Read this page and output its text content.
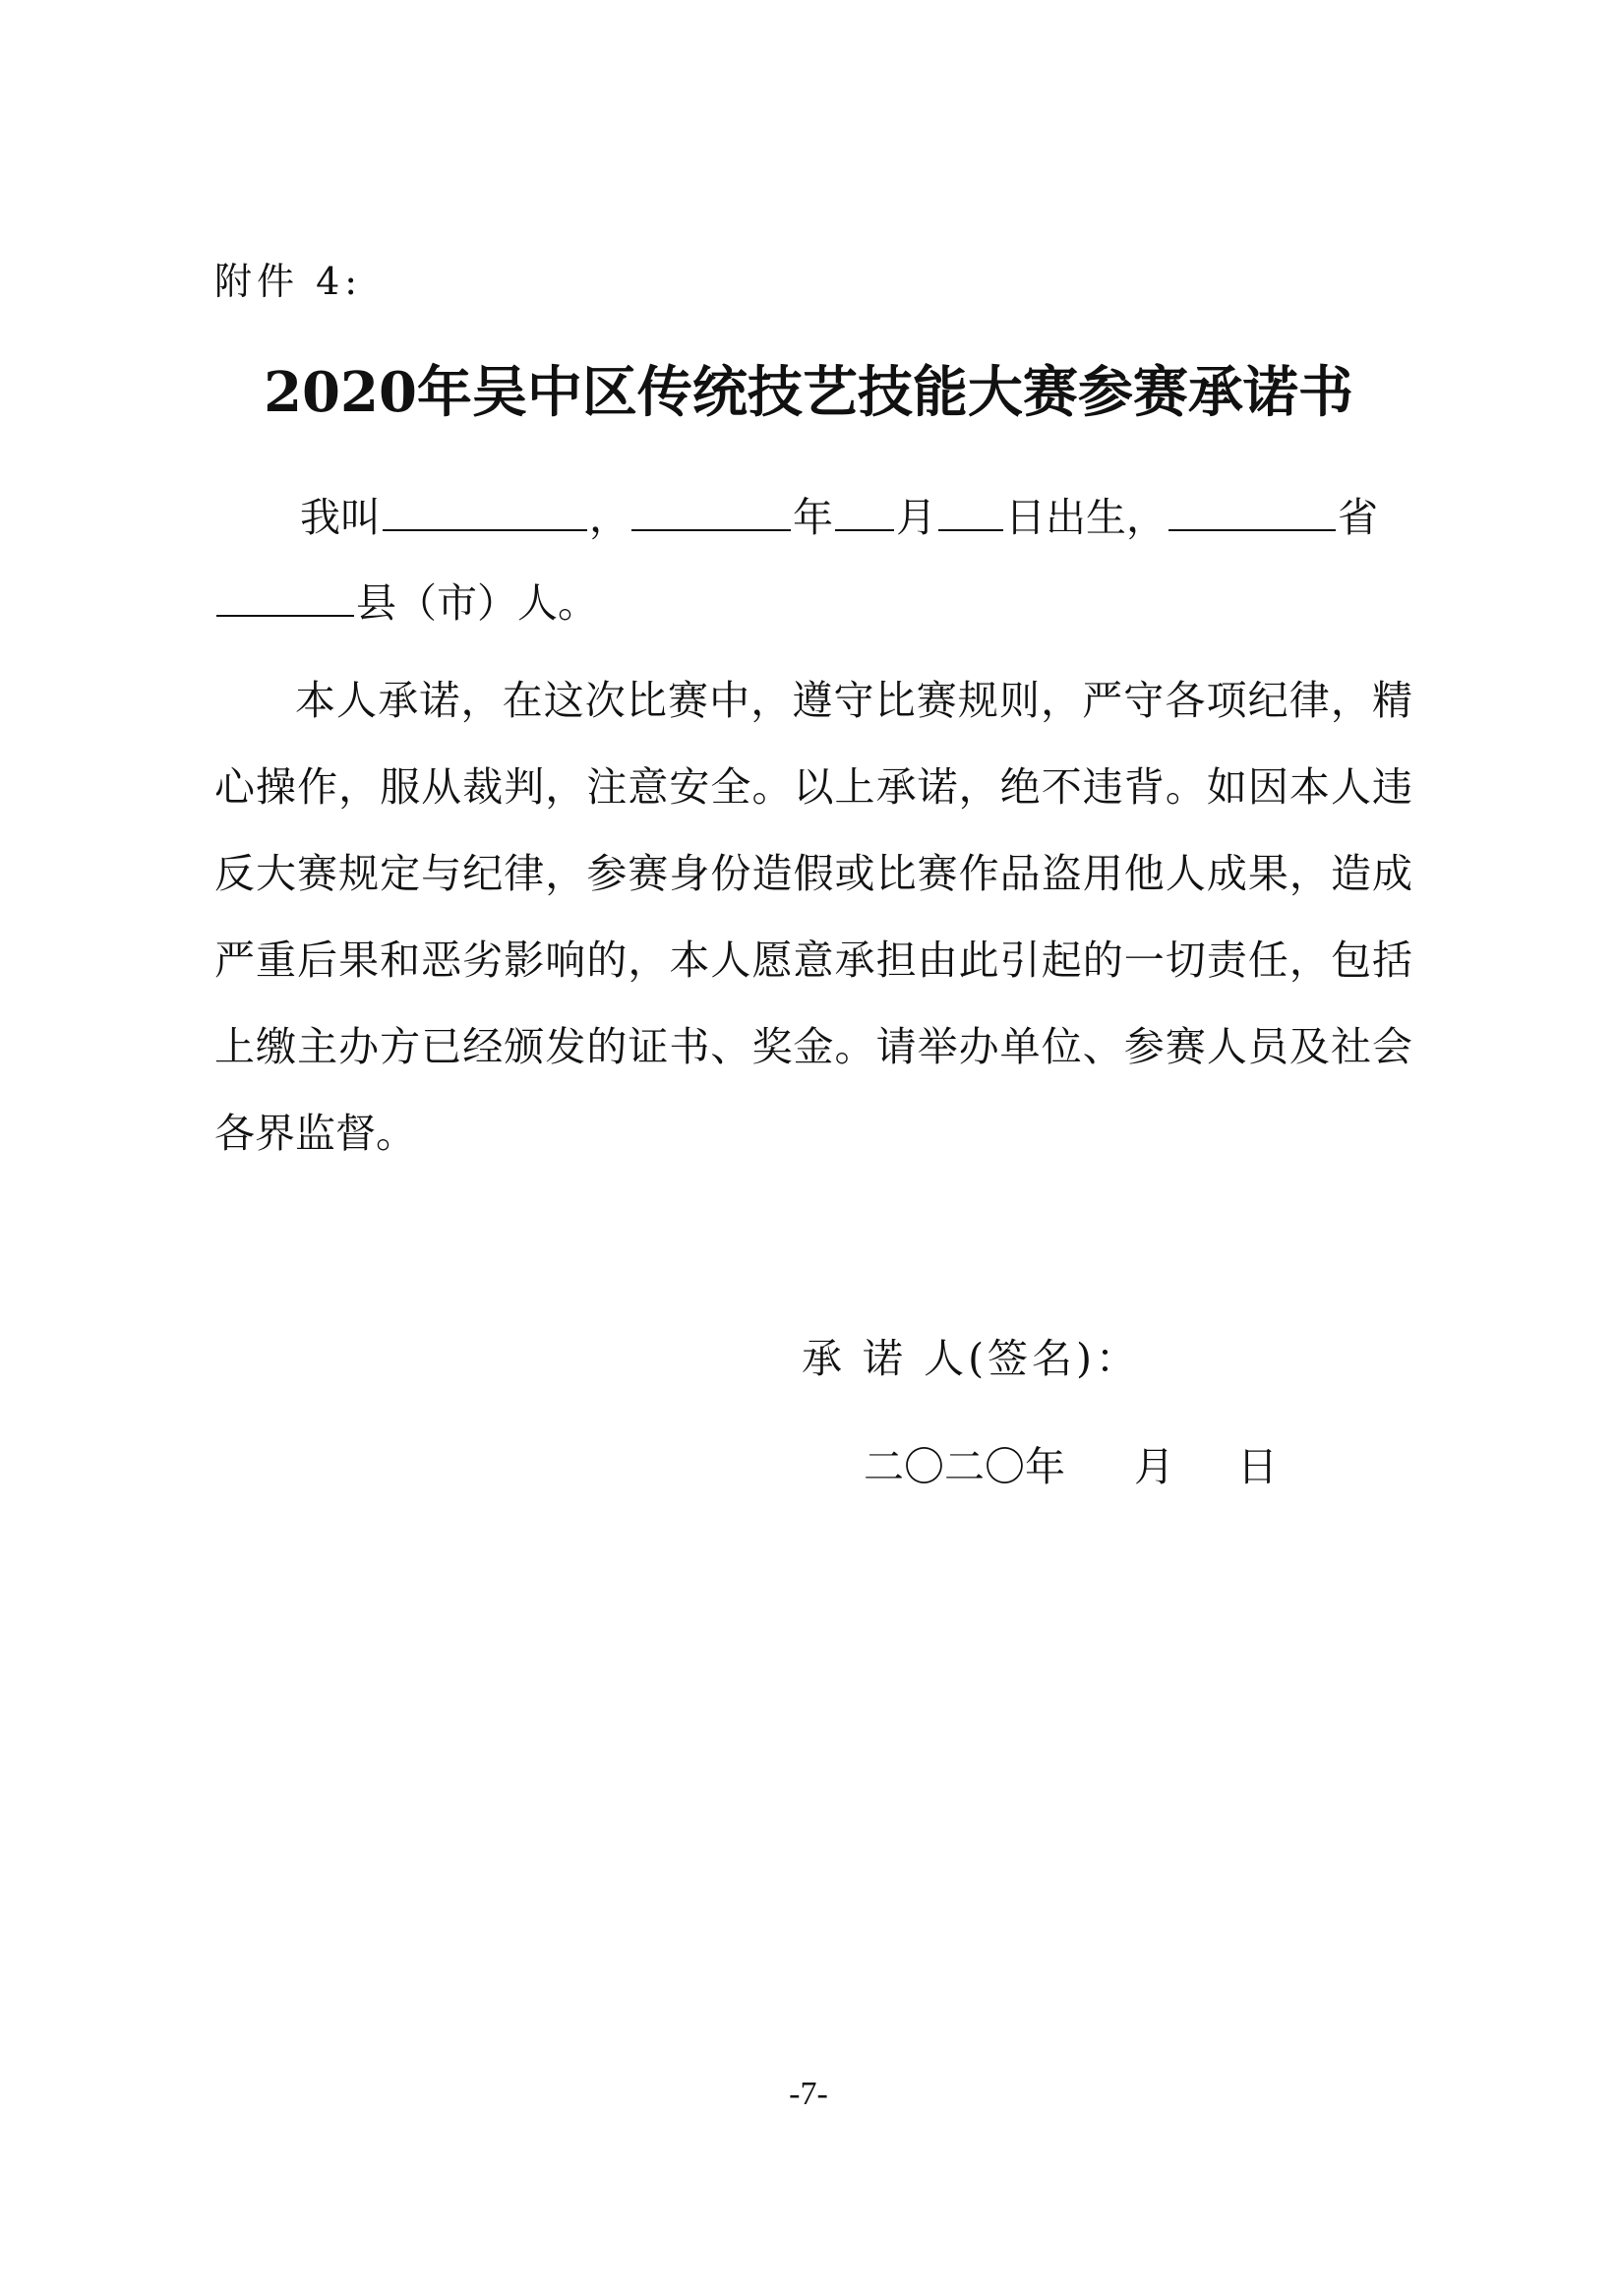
附件 4:
2020年吴中区传统技艺技能大赛参赛承诺书
我叫	，	年 月 日出生，	省
县（市）人。
本人承诺，在这次比赛中，遵守比赛规则，严守各项纪律，精心操作，服从裁判，注意安全。以上承诺，绝不违背。如因本人违反大赛规定与纪律，参赛身份造假或比赛作品盗用他人成果，造成严重后果和恶劣影响的，本人愿意承担由此引起的一切责任，包括上缴主办方已经颁发的证书、奖金。请举办单位、参赛人员及社会各界监督。
承 诺 人(签名)：
二〇二〇年 月 日
-7-
